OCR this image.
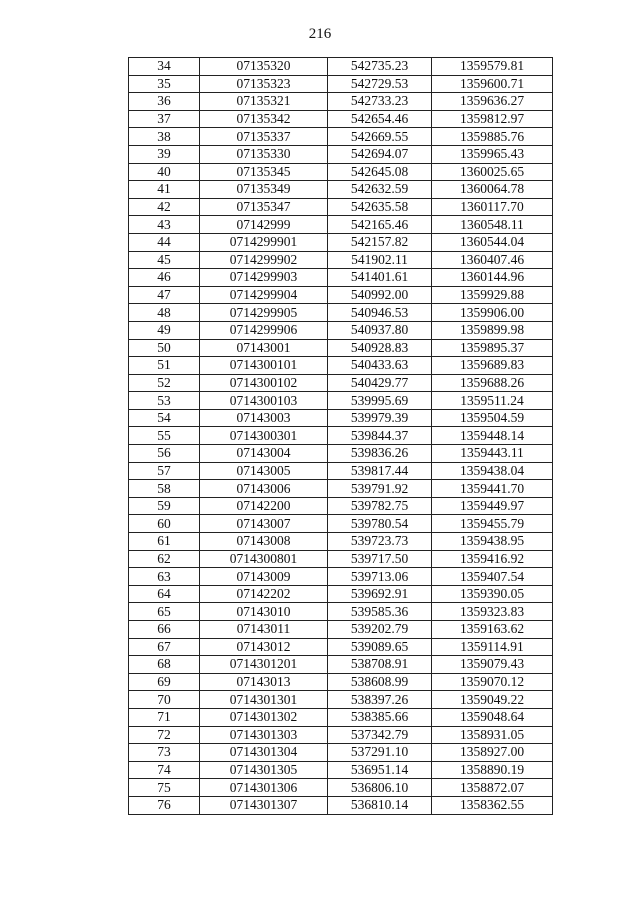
216
34	07135320	542735.23	1359579.81
35	07135323	542729.53	1359600.71
36	07135321	542733.23	1359636.27
37	07135342	542654.46	1359812.97
38	07135337	542669.55	1359885.76
39	07135330	542694.07	1359965.43
40	07135345	542645.08	1360025.65
41	07135349	542632.59	1360064.78
42	07135347	542635.58	1360117.70
43	07142999	542165.46	1360548.11
44	0714299901	542157.82	1360544.04
45	0714299902	541902.11	1360407.46
46	0714299903	541401.61	1360144.96
47	0714299904	540992.00	1359929.88
48	0714299905	540946.53	1359906.00
49	0714299906	540937.80	1359899.98
50	07143001	540928.83	1359895.37
51	0714300101	540433.63	1359689.83
52	0714300102	540429.77	1359688.26
53	0714300103	539995.69	1359511.24
54	07143003	539979.39	1359504.59
55	0714300301	539844.37	1359448.14
56	07143004	539836.26	1359443.11
57	07143005	539817.44	1359438.04
58	07143006	539791.92	1359441.70
59	07142200	539782.75	1359449.97
60	07143007	539780.54	1359455.79
61	07143008	539723.73	1359438.95
62	0714300801	539717.50	1359416.92
63	07143009	539713.06	1359407.54
64	07142202	539692.91	1359390.05
65	07143010	539585.36	1359323.83
66	07143011	539202.79	1359163.62
67	07143012	539089.65	1359114.91
68	0714301201	538708.91	1359079.43
69	07143013	538608.99	1359070.12
70	0714301301	538397.26	1359049.22
71	0714301302	538385.66	1359048.64
72	0714301303	537342.79	1358931.05
73	0714301304	537291.10	1358927.00
74	0714301305	536951.14	1358890.19
75	0714301306	536806.10	1358872.07
76	0714301307	536810.14	1358362.55
